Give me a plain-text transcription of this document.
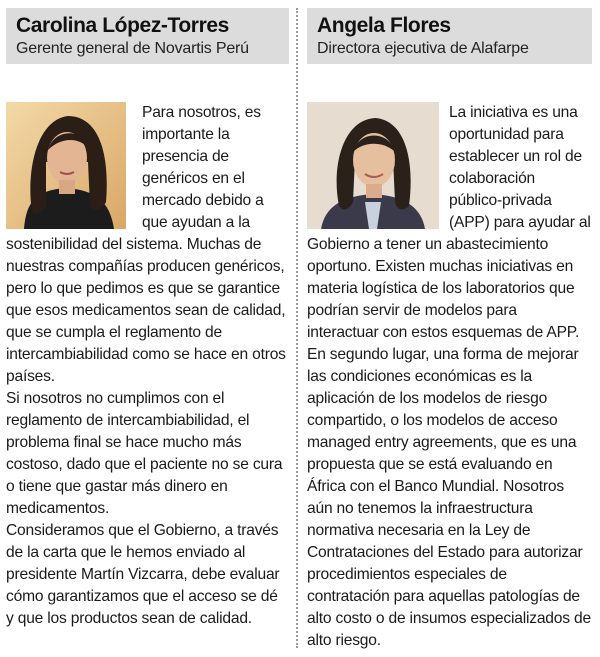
Carolina López-Torres
Gerente general de Novartis Perú

Para nosotros, es importante la presencia de genéricos en el mercado debido a que ayudan a la sostenibilidad del sistema. Muchas de nuestras compañías producen genéricos, pero lo que pedimos es que se garantice que esos medicamentos sean de calidad, que se cumpla el reglamento de intercambiabilidad como se hace en otros países.

Si nosotros no cumplimos con el reglamento de intercambiabilidad, el problema final se hace mucho más costoso, dado que el paciente no se cura o tiene que gastar más dinero en medicamentos.

Consideramos que el Gobierno, a través de la carta que le hemos enviado al presidente Martín Vizcarra, debe evaluar cómo garantizamos que el acceso se dé y que los productos sean de calidad.

Angela Flores
Directora ejecutiva de Alafarpe

La iniciativa es una oportunidad para establecer un rol de colaboración público-privada (APP) para ayudar al Gobierno a tener un abastecimiento oportuno. Existen muchas iniciativas en materia logística de los laboratorios que podrían servir de modelos para interactuar con estos esquemas de APP. En segundo lugar, una forma de mejorar las condiciones económicas es la aplicación de los modelos de riesgo compartido, o los modelos de acceso managed entry agreements, que es una propuesta que se está evaluando en África con el Banco Mundial. Nosotros aún no tenemos la infraestructura normativa necesaria en la Ley de Contrataciones del Estado para autorizar procedimientos especiales de contratación para aquellas patologías de alto costo o de insumos especializados de alto riesgo.
